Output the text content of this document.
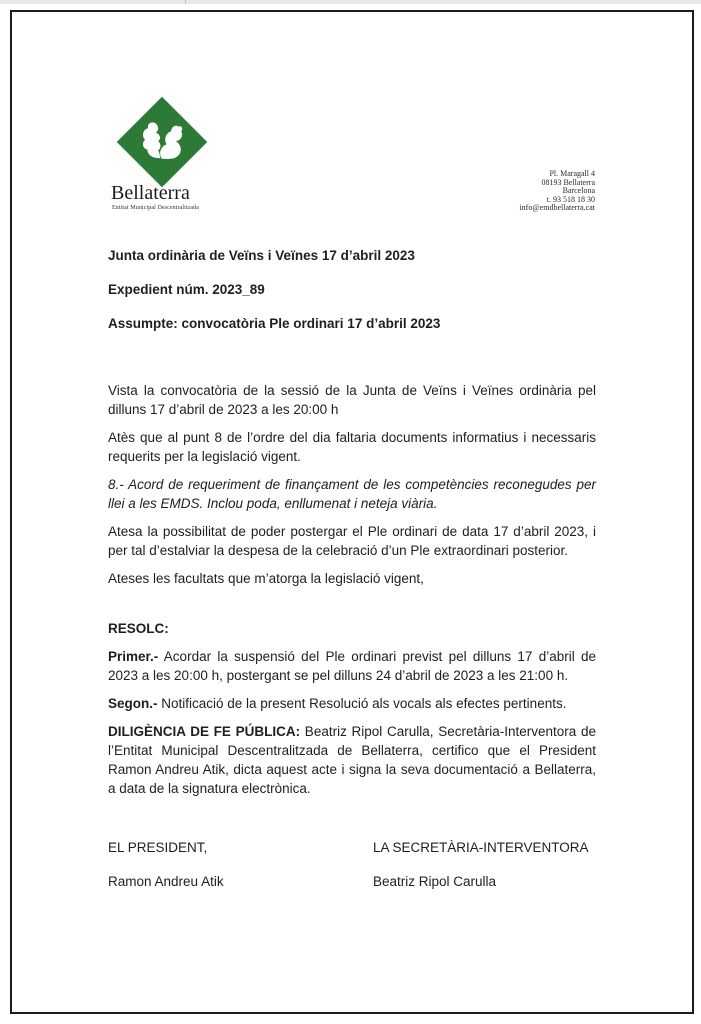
Bellaterra
Entitat Municipal Descentralitzada
Pl. Maragall 4
08193 Bellaterra
Barcelona
t. 93 518 18 30
info@emdbellaterra.cat

Junta ordinària de Veïns i Veïnes 17 d’abril 2023

Expedient núm. 2023_89

Assumpte: convocatòria Ple ordinari 17 d’abril 2023

Vista la convocatòria de la sessió de la Junta de Veïns i Veïnes ordinària pel dilluns 17 d’abril de 2023 a les 20:00 h

Atès que al punt 8 de l’ordre del dia faltaria documents informatius i necessaris requerits per la legislació vigent.

8.- Acord de requeriment de finançament de les competències reconegudes per llei a les EMDS. Inclou poda, enllumenat i neteja viària.

Atesa la possibilitat de poder postergar el Ple ordinari de data 17 d’abril 2023, i per tal d’estalviar la despesa de la celebració d’un Ple extraordinari posterior.

Ateses les facultats que m’atorga la legislació vigent,

RESOLC:

Primer.- Acordar la suspensió del Ple ordinari previst pel dilluns 17 d’abril de 2023 a les 20:00 h, postergant se pel dilluns 24 d’abril de 2023 a les 21:00 h.

Segon.- Notificació de la present Resolució als vocals als efectes pertinents.

DILIGÈNCIA DE FE PÚBLICA: Beatriz Ripol Carulla, Secretària-Interventora de l’Entitat Municipal Descentralitzada de Bellaterra, certifico que el President Ramon Andreu Atik, dicta aquest acte i signa la seva documentació a Bellaterra, a data de la signatura electrònica.

EL PRESIDENT,

Ramon Andreu Atik

LA SECRETÀRIA-INTERVENTORA

Beatriz Ripol Carulla
